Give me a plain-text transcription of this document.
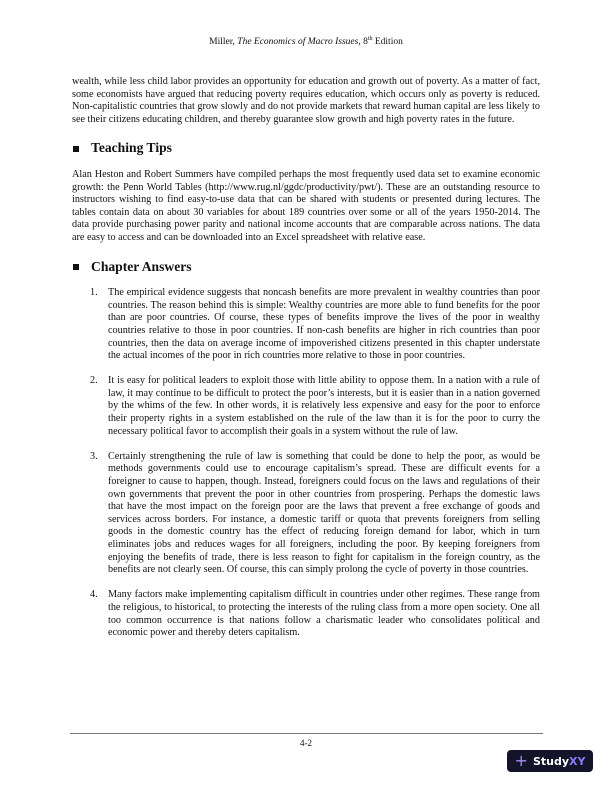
Miller, The Economics of Macro Issues, 8th Edition

wealth, while less child labor provides an opportunity for education and growth out of poverty. As a matter of fact, some economists have argued that reducing poverty requires education, which occurs only as poverty is reduced. Non-capitalistic countries that grow slowly and do not provide markets that reward human capital are less likely to see their citizens educating children, and thereby guarantee slow growth and high poverty rates in the future.

Teaching Tips

Alan Heston and Robert Summers have compiled perhaps the most frequently used data set to examine economic growth: the Penn World Tables (http://www.rug.nl/ggdc/productivity/pwt/). These are an outstanding resource to instructors wishing to find easy-to-use data that can be shared with students or presented during lectures. The tables contain data on about 30 variables for about 189 countries over some or all of the years 1950-2014. The data provide purchasing power parity and national income accounts that are comparable across nations. The data are easy to access and can be downloaded into an Excel spreadsheet with relative ease.

Chapter Answers
1. The empirical evidence suggests that noncash benefits are more prevalent in wealthy countries than poor countries. The reason behind this is simple: Wealthy countries are more able to fund benefits for the poor than are poor countries. Of course, these types of benefits improve the lives of the poor in wealthy countries relative to those in poor countries. If non-cash benefits are higher in rich countries than poor countries, then the data on average income of impoverished citizens presented in this chapter understate the actual incomes of the poor in rich countries more relative to those in poor countries.
2. It is easy for political leaders to exploit those with little ability to oppose them. In a nation with a rule of law, it may continue to be difficult to protect the poor’s interests, but it is easier than in a nation governed by the whims of the few. In other words, it is relatively less expensive and easy for the poor to enforce their property rights in a system established on the rule of the law than it is for the poor to curry the necessary political favor to accomplish their goals in a system without the rule of law.
3. Certainly strengthening the rule of law is something that could be done to help the poor, as would be methods governments could use to encourage capitalism’s spread. These are difficult events for a foreigner to cause to happen, though. Instead, foreigners could focus on the laws and regulations of their own governments that prevent the poor in other countries from prospering. Perhaps the domestic laws that have the most impact on the foreign poor are the laws that prevent a free exchange of goods and services across borders. For instance, a domestic tariff or quota that prevents foreigners from selling goods in the domestic country has the effect of reducing foreign demand for labor, which in turn eliminates jobs and reduces wages for all foreigners, including the poor. By keeping foreigners from enjoying the benefits of trade, there is less reason to fight for capitalism in the foreign country, as the benefits are not clearly seen. Of course, this can simply prolong the cycle of poverty in those countries.
4. Many factors make implementing capitalism difficult in countries under other regimes. These range from the religious, to historical, to protecting the interests of the ruling class from a more open society. One all too common occurrence is that nations follow a charismatic leader who consolidates political and economic power and thereby deters capitalism.
4-2
+ Study XY
